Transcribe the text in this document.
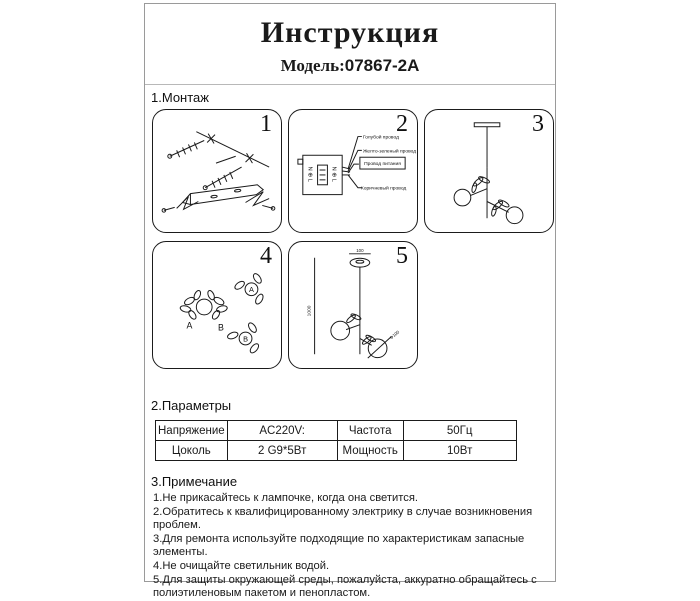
Инструкция
Модель:07867-2A
1.Монтаж
1	2
N⊕L	N⊕L
Голубой провод
Желто-зеленый провод
Провод питания
Коричневый провод
3
4
A	B
A
B
5
1000
100
Ф100
2.Параметры
Напряжение	AC220V:	Частота	50Гц
Цоколь	2 G9*5Вт	Мощность	10Вт
3.Примечание

1.Не прикасайтесь к лампочке, когда она светится.

2.Обратитесь к квалифицированному электрику в случае возникновения проблем.

3.Для ремонта используйте подходящие по характеристикам запасные элементы.

4.Не очищайте светильник водой.

5.Для защиты окружающей среды, пожалуйста, аккуратно обращайтесь с полиэтиленовым пакетом и пенопластом.
